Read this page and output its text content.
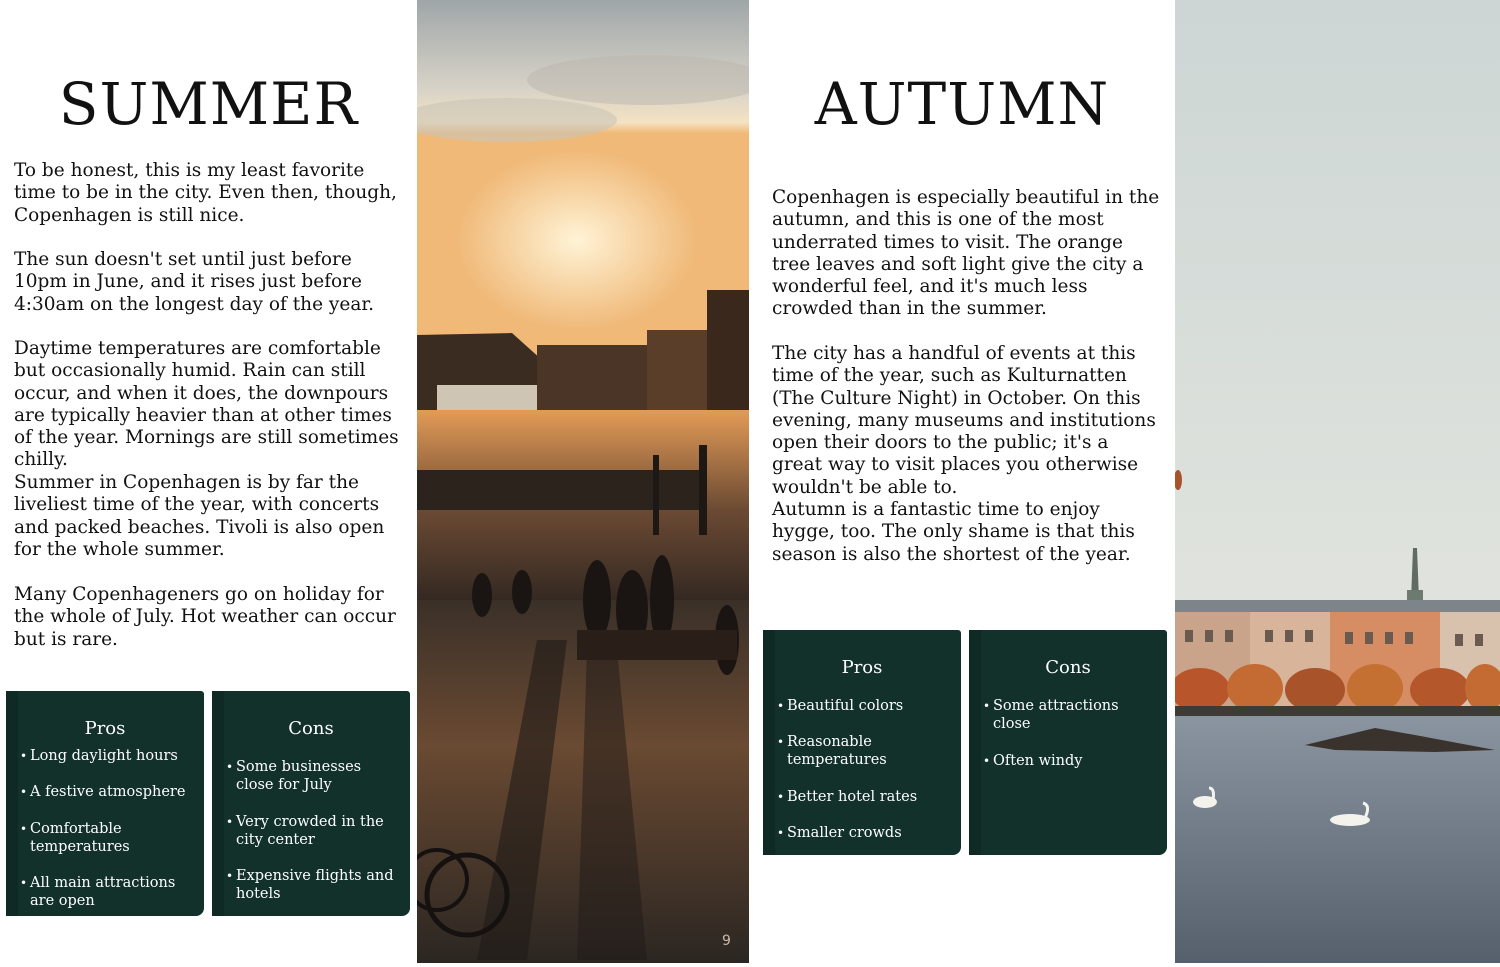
SUMMER

To be honest, this is my least favorite time to be in the city. Even then, though, Copenhagen is still nice.

The sun doesn't set until just before 10pm in June, and it rises just before 4:30am on the longest day of the year.

Daytime temperatures are comfortable but occasionally humid. Rain can still occur, and when it does, the downpours are typically heavier than at other times of the year. Mornings are still sometimes chilly.

Summer in Copenhagen is by far the liveliest time of the year, with concerts and packed beaches. Tivoli is also open for the whole summer.

Many Copenhageners go on holiday for the whole of July. Hot weather can occur but is rare.

Pros

• Long daylight hours
• A festive atmosphere
• Comfortable temperatures
• All main attractions are open

Cons

• Some businesses close for July
• Very crowded in the city center
• Expensive flights and hotels
9
AUTUMN

Copenhagen is especially beautiful in the autumn, and this is one of the most underrated times to visit. The orange tree leaves and soft light give the city a wonderful feel, and it's much less crowded than in the summer.

The city has a handful of events at this time of the year, such as Kulturnatten (The Culture Night) in October. On this evening, many museums and institutions open their doors to the public; it's a great way to visit places you otherwise wouldn't be able to.

Autumn is a fantastic time to enjoy hygge, too. The only shame is that this season is also the shortest of the year.

Pros

• Beautiful colors
• Reasonable temperatures
• Better hotel rates
• Smaller crowds

Cons

• Some attractions close
• Often windy
